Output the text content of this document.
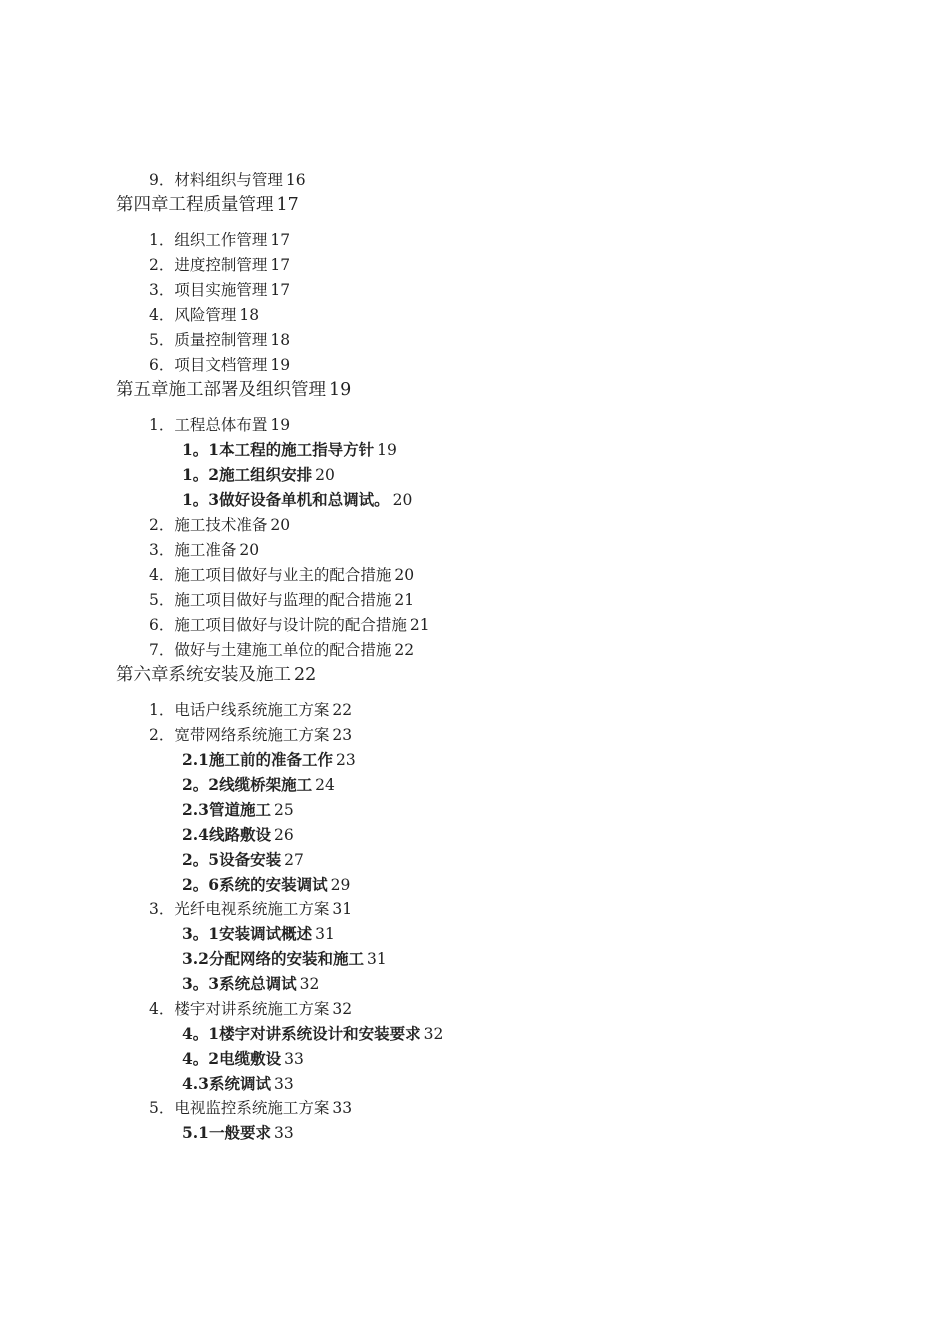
9．材料组织与管理 16
第四章工程质量管理 17
1．组织工作管理 17
2．进度控制管理 17
3．项目实施管理 17
4．风险管理 18
5．质量控制管理 18
6．项目文档管理 19
第五章施工部署及组织管理 19
1．工程总体布置 19
1。1本工程的施工指导方针 19
1。2施工组织安排 20
1。3做好设备单机和总调试。 20
2．施工技术准备 20
3．施工准备 20
4．施工项目做好与业主的配合措施 20
5．施工项目做好与监理的配合措施 21
6．施工项目做好与设计院的配合措施 21
7．做好与土建施工单位的配合措施 22
第六章系统安装及施工 22
1．电话户线系统施工方案 22
2．宽带网络系统施工方案 23
2.1施工前的准备工作 23
2。2线缆桥架施工 24
2.3管道施工 25
2.4线路敷设 26
2。5设备安装 27
2。6系统的安装调试 29
3．光纤电视系统施工方案 31
3。1安装调试概述 31
3.2分配网络的安装和施工 31
3。3系统总调试 32
4．楼宇对讲系统施工方案 32
4。1楼宇对讲系统设计和安装要求 32
4。2电缆敷设 33
4.3系统调试 33
5．电视监控系统施工方案 33
5.1一般要求 33
